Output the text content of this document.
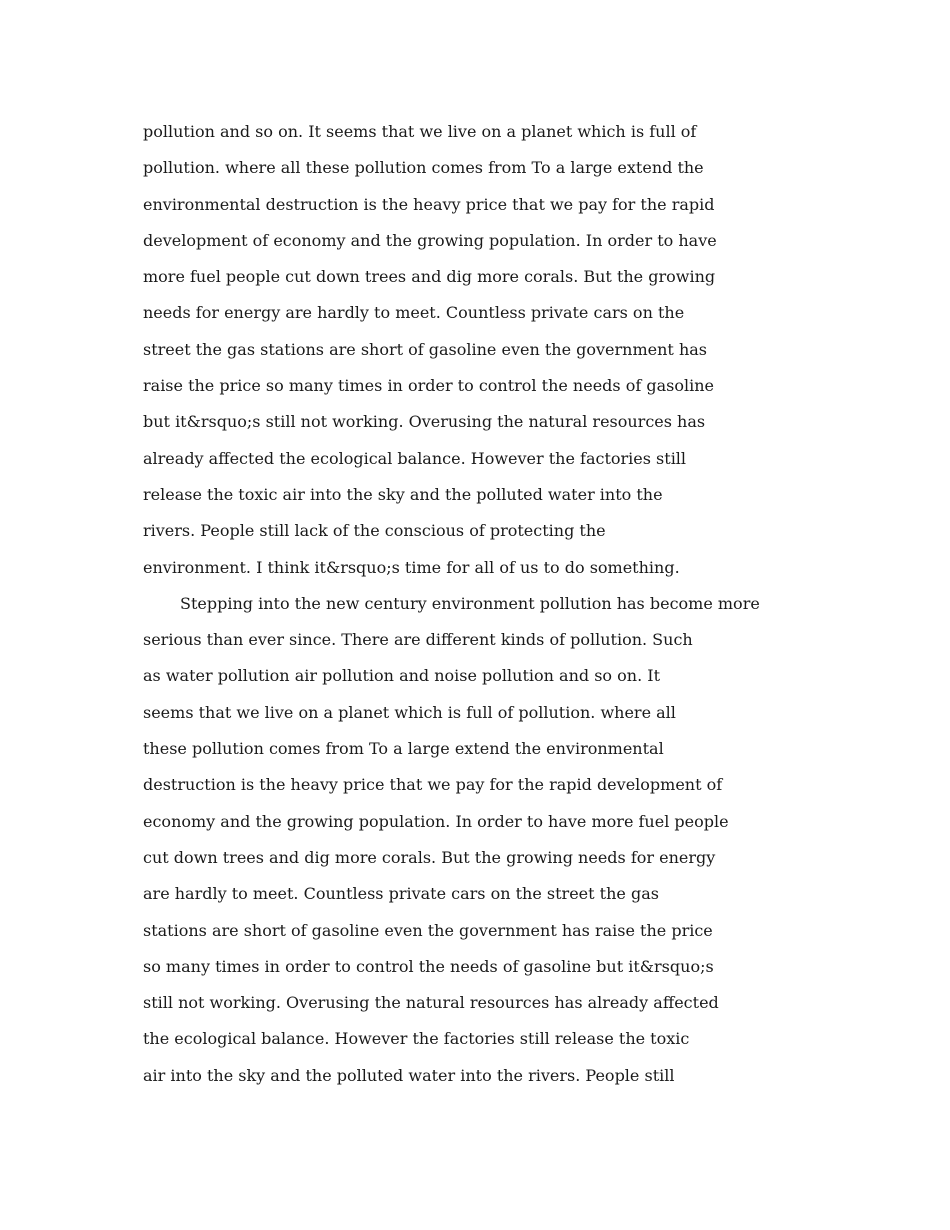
pollution and so on. It seems that we live on a planet which is full of
pollution. where all these pollution comes from To a large extend the
environmental destruction is the heavy price that we pay for the rapid
development of economy and the growing population. In order to have
more fuel people cut down trees and dig more corals. But the growing
needs for energy are hardly to meet. Countless private cars on the
street the gas stations are short of gasoline even the government has
raise the price so many times in order to control the needs of gasoline
but it&rsquo;s still not working. Overusing the natural resources has
already affected the ecological balance. However the factories still
release the toxic air into the sky and the polluted water into the
rivers. People still lack of the conscious of protecting the
environment. I think it&rsquo;s time for all of us to do something.
Stepping into the new century environment pollution has become more
serious than ever since. There are different kinds of pollution. Such
as water pollution air pollution and noise pollution and so on. It
seems that we live on a planet which is full of pollution. where all
these pollution comes from To a large extend the environmental
destruction is the heavy price that we pay for the rapid development of
economy and the growing population. In order to have more fuel people
cut down trees and dig more corals. But the growing needs for energy
are hardly to meet. Countless private cars on the street the gas
stations are short of gasoline even the government has raise the price
so many times in order to control the needs of gasoline but it&rsquo;s
still not working. Overusing the natural resources has already affected
the ecological balance. However the factories still release the toxic
air into the sky and the polluted water into the rivers. People still
